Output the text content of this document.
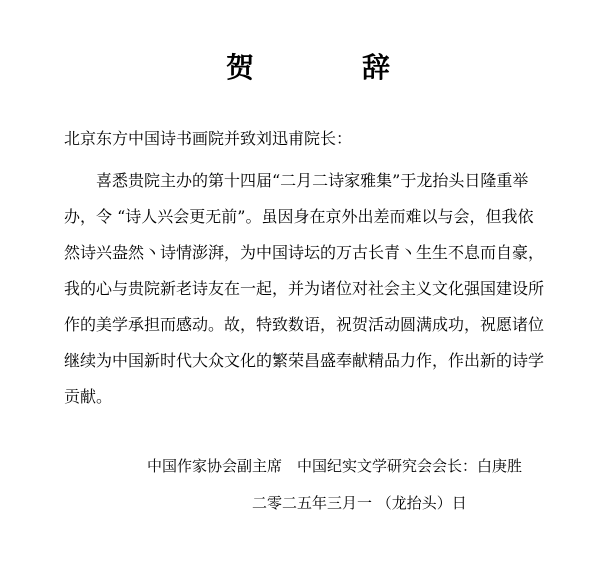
贺　辞
北京东方中国诗书画院并致刘迅甫院长：
喜悉贵院主办的第十四届“二月二诗家雅集”于龙抬头日隆重举
办，令 “诗人兴会更无前”。虽因身在京外出差而难以与会，但我依
然诗兴盎然丶诗情澎湃，为中国诗坛的万古长青丶生生不息而自豪，
我的心与贵院新老诗友在一起，并为诸位对社会主义文化强国建设所
作的美学承担而感动。故，特致数语，祝贺活动圆满成功，祝愿诸位
继续为中国新时代大众文化的繁荣昌盛奉献精品力作，作出新的诗学
贡献。
中国作家协会副主席　中国纪实文学研究会会长：白庚胜
二零二五年三月一 （龙抬头）日
